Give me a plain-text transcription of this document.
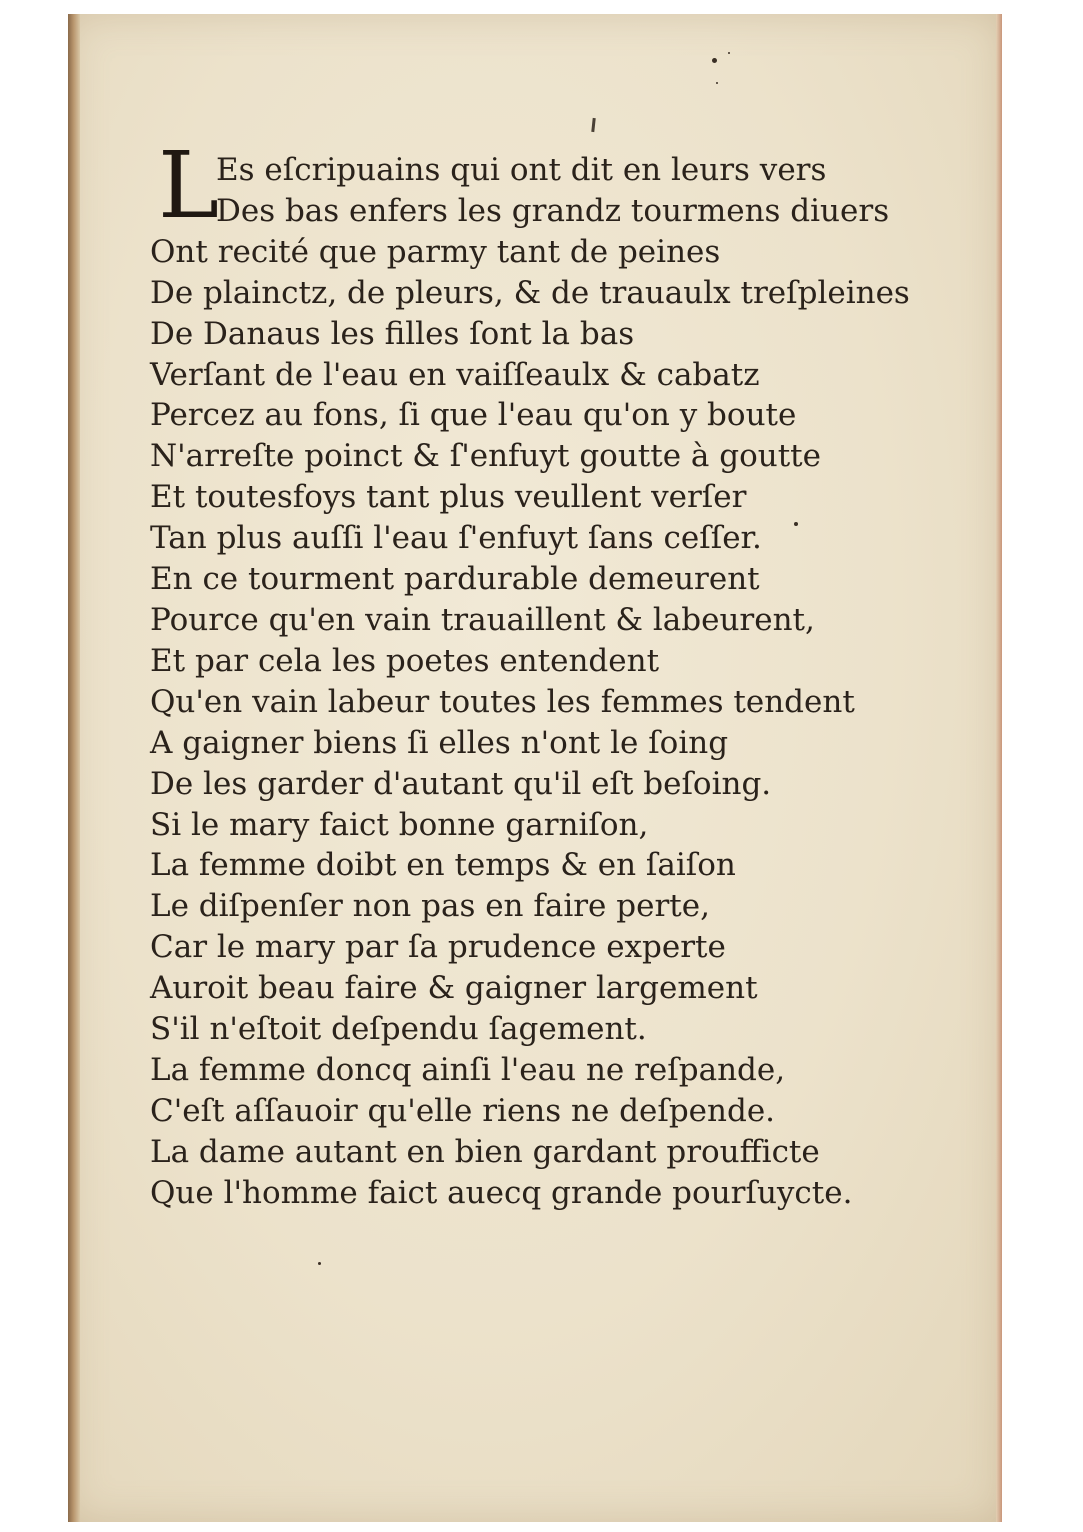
L
Es eſcripuains qui ont dit en leurs vers
Des bas enfers les grandz tourmens diuers
Ont recité que parmy tant de peines
De plainctz, de pleurs, & de trauaulx treſpleines
De Danaus les filles ſont la bas
Verſant de l'eau en vaiſſeaulx & cabatz
Percez au fons, ſi que l'eau qu'on y boute
N'arreſte poinct & ſ'enfuyt goutte à goutte
Et toutesfoys tant plus veullent verſer
Tan plus auſſi l'eau ſ'enfuyt ſans ceſſer.
En ce tourment pardurable demeurent
Pource qu'en vain trauaillent & labeurent,
Et par cela les poetes entendent
Qu'en vain labeur toutes les femmes tendent
A gaigner biens ſi elles n'ont le ſoing
De les garder d'autant qu'il eſt beſoing.
Si le mary faict bonne garniſon,
La femme doibt en temps & en ſaiſon
Le diſpenſer non pas en faire perte,
Car le mary par ſa prudence experte
Auroit beau faire & gaigner largement
S'il n'eſtoit deſpendu ſagement.
La femme doncq ainſi l'eau ne reſpande,
C'eſt aſſauoir qu'elle riens ne deſpende.
La dame autant en bien gardant proufficte
Que l'homme faict auecq grande pourſuycte.
